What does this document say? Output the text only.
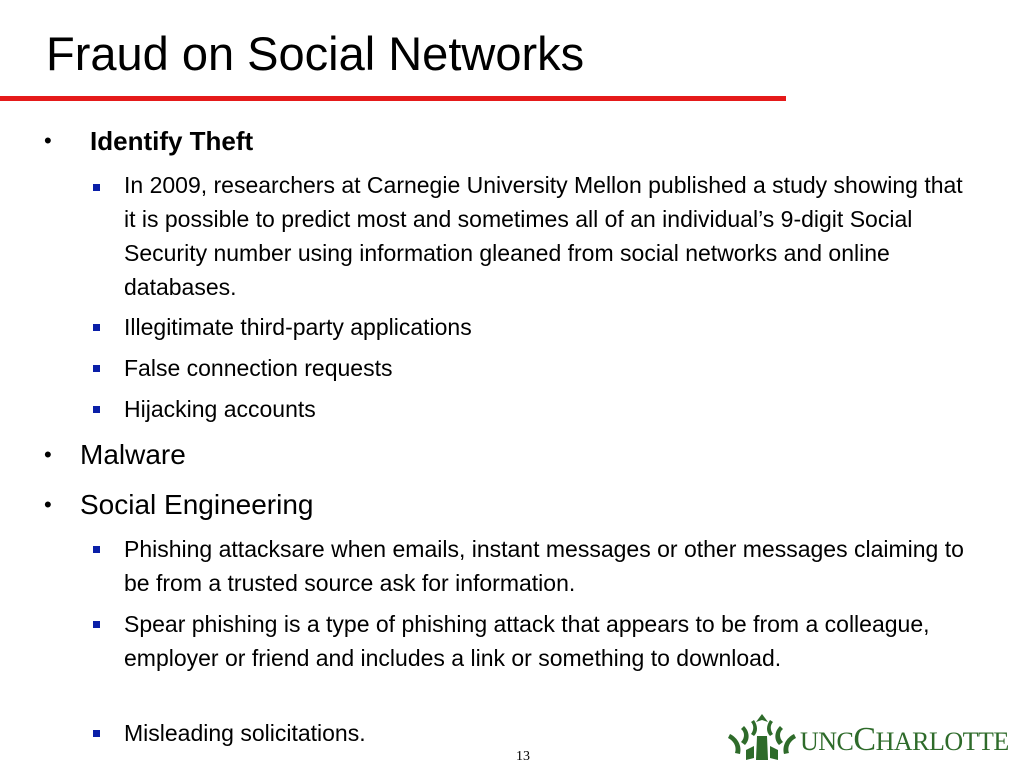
Fraud on Social Networks
• Identify Theft
In 2009, researchers at Carnegie University Mellon published a study showing that it is possible to predict most and sometimes all of an individual’s 9-digit Social Security number using information gleaned from social networks and online databases.
Illegitimate third-party applications
False connection requests
Hijacking accounts
• Malware
• Social Engineering
Phishing attacksare when emails, instant messages or other messages claiming to be from a trusted source ask for information.
Spear phishing is a type of phishing attack that appears to be from a colleague, employer or friend and includes a link or something to download.
Misleading solicitations.
13
UNCCHARLOTTE
